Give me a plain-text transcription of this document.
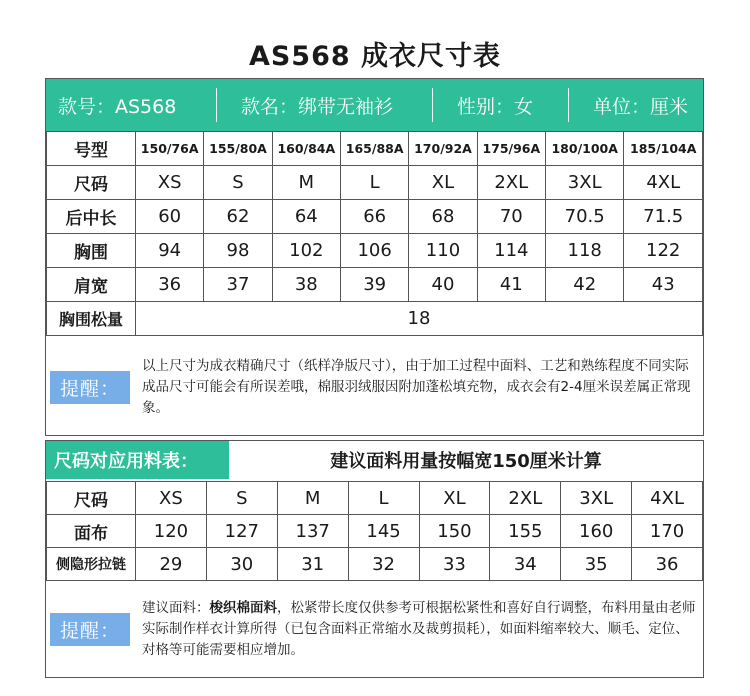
AS568 成衣尺寸表
款号：AS568	款名：绑带无袖衫	性别：女	单位：厘米
号型	150/76A	155/80A	160/84A	165/88A	170/92A	175/96A	180/100A	185/104A
尺码	XS	S	M	L	XL	2XL	3XL	4XL
后中长	60	62	64	66	68	70	70.5	71.5
胸围	94	98	102	106	110	114	118	122
肩宽	36	37	38	39	40	41	42	43
胸围松量	18							
提醒：
以上尺寸为成衣精确尺寸（纸样净版尺寸），由于加工过程中面料、工艺和熟练程度不同实际成品尺寸可能会有所误差哦，棉服羽绒服因附加蓬松填充物，成衣会有2-4厘米误差属正常现象。
尺码对应用料表：	建议面料用量按幅宽150厘米计算
尺码	XS	S	M	L	XL	2XL	3XL	4XL
面布	120	127	137	145	150	155	160	170
侧隐形拉链	29	30	31	32	33	34	35	36
提醒：
建议面料：梭织棉面料，松紧带长度仅供参考可根据松紧性和喜好自行调整，布料用量由老师实际制作样衣计算所得（已包含面料正常缩水及裁剪损耗），如面料缩率较大、顺毛、定位、对格等可能需要相应增加。
